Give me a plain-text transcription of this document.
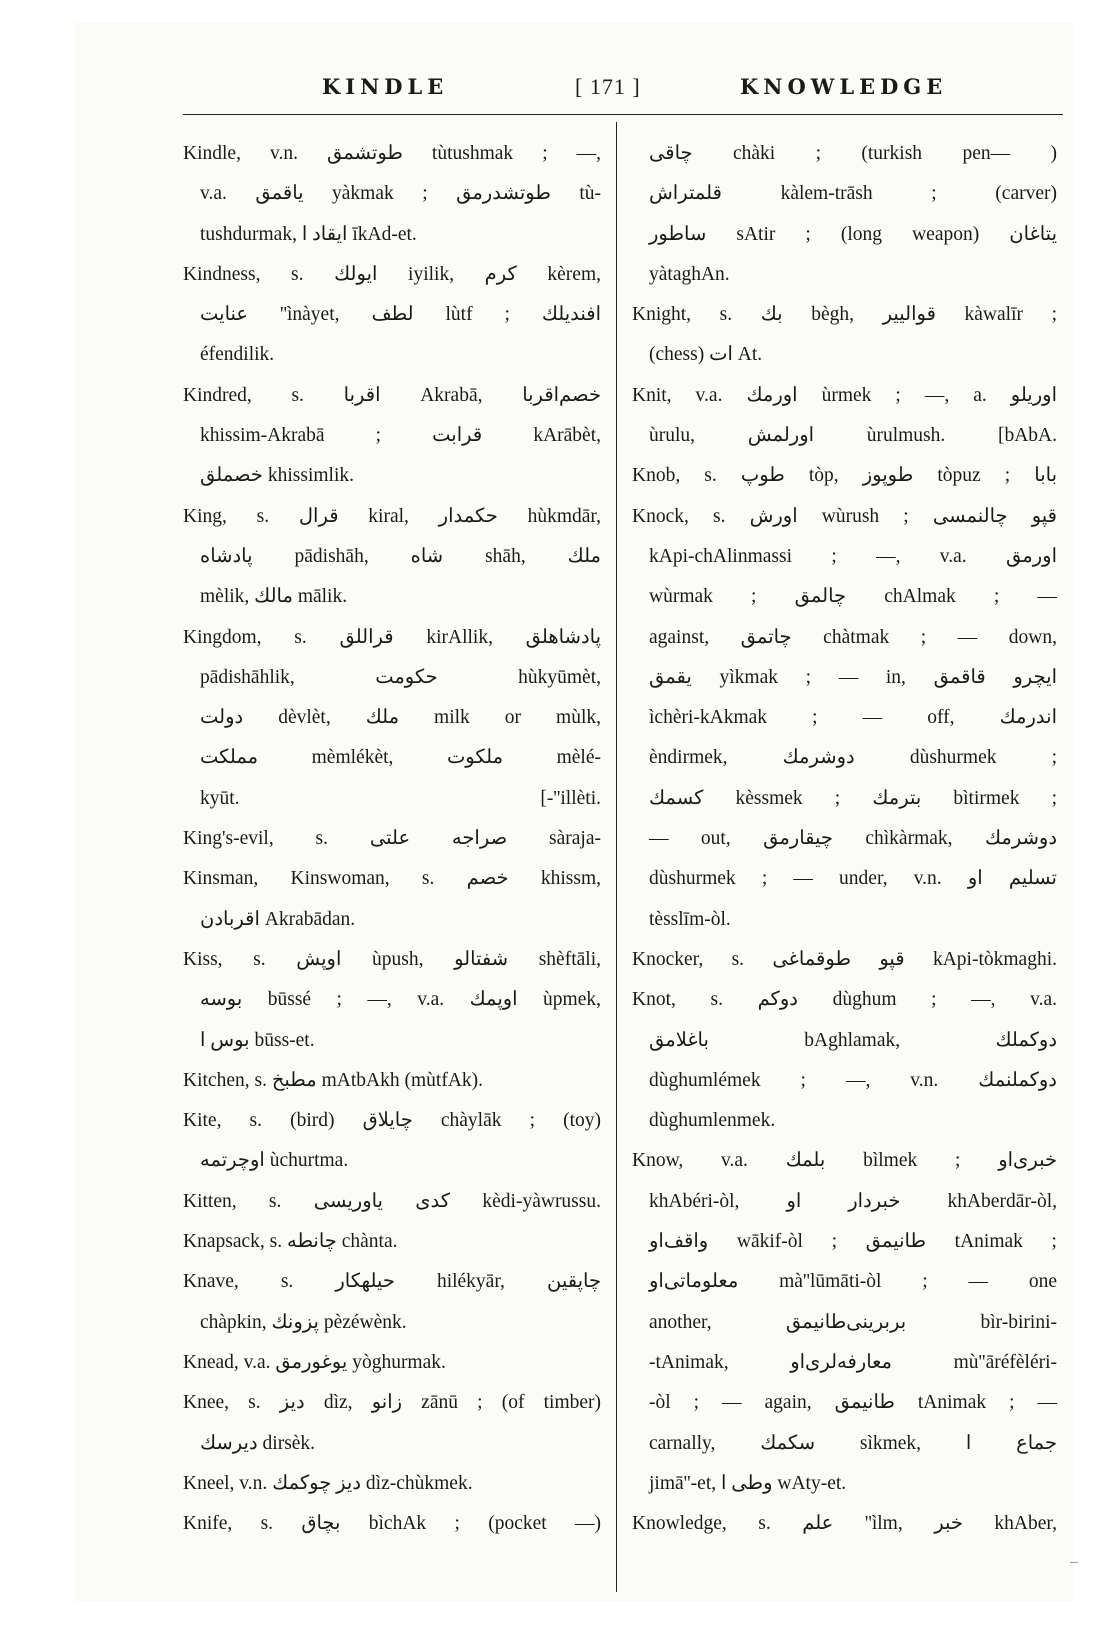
KINDLE	[ 171 ]	KNOWLEDGE
Kindle, v.n. طوتشمق tùtushmak ; —,
v.a. ياقمق yàkmak ; طوتشدرمق tù-
tushdurmak, ايقاد ا īkAd-et.
Kindness, s. ايولك iyilik, كرم kèrem,
عنايت ''ìnàyet, لطف lùtf ; افنديلك
éfendilik.
Kindred, s. اقربا Akrabā, خصم‌اقربا
khissim-Akrabā ; قرابت kArābèt,
خصملق khissimlik.
King, s. قرال kiral, حكمدار hùkmdār,
پادشاه pādishāh, شاه shāh, ملك
mèlik, مالك mālik.
Kingdom, s. قراللق kirAllik, پادشاهلق
pādishāhlik, حكومت hùkyūmèt,
دولت dèvlèt, ملك milk or mùlk,
مملكت mèmlékèt, ملكوت mèlé-
kyūt. [-''illèti.
King's-evil, s. صراجه علتی sàraja-
Kinsman, Kinswoman, s. خصم khissm,
اقربادن Akrabādan.
Kiss, s. اوپش ùpush, شفتالو shèftāli,
بوسه būssé ; —, v.a. اوپمك ùpmek,
بوس ا būss-et.
Kitchen, s. مطبخ mAtbAkh (mùtfAk).
Kite, s. (bird) چايلاق chàylāk ; (toy)
اوچرتمه ùchurtma.
Kitten, s. كدی ياوريسی kèdi-yàwrussu.
Knapsack, s. چانطه chànta.
Knave, s. حيلهكار hilékyār, چاپقين
chàpkin, پزونك pèzéwènk.
Knead, v.a. يوغورمق yòghurmak.
Knee, s. ديز dìz, زانو zānū ; (of timber)
ديرسك dirsèk.
Kneel, v.n. ديز چوكمك dìz-chùkmek.
Knife, s. بچاق bìchAk ; (pocket —)
چاقی chàki ; (turkish pen— )
قلمتراش kàlem-trāsh ; (carver)
ساطور sAtir ; (long weapon) يتاغان
yàtaghAn.
Knight, s. بك bègh, قواليير kàwalīr ;
(chess) ات At.
Knit, v.a. اورمك ùrmek ; —, a. اوريلو
ùrulu, اورلمش ùrulmush. [bAbA.
Knob, s. طوپ tòp, طوپوز tòpuz ; بابا
Knock, s. اورش wùrush ; قپو چالنمسی
kApi-chAlinmassi ; —, v.a. اورمق
wùrmak ; چالمق chAlmak ; —
against, چاتمق chàtmak ; — down,
يقمق yìkmak ; — in, ايچرو قاقمق
ìchèri-kAkmak ; — off, اندرمك
èndirmek, دوشرمك dùshurmek ;
كسمك kèssmek ; بترمك bìtirmek ;
— out, چيقارمق chìkàrmak, دوشرمك
dùshurmek ; — under, v.n. تسليم او
tèsslīm-òl.
Knocker, s. قپو طوقماغی kApi-tòkmaghi.
Knot, s. دوكم dùghum ; —, v.a.
باغلامق bAghlamak, دوكملك
dùghumlémek ; —, v.n. دوكملنمك
dùghumlenmek.
Know, v.a. بلمك bìlmek ; خبرى‌او
khAbéri-òl, خبردار او khAberdār-òl,
واقف‌او wākif-òl ; طانيمق tAnimak ;
معلوماتی‌او mà''lūmāti-òl ; — one
another, بربرينى‌طانيمق bìr-birini-
-tAnimak, معارفه‌لری‌او mù''āréfèléri-
-òl ; — again, طانيمق tAnimak ; —
carnally, سكمك sìkmek, جماع ا
jimā''-et, وطی ا wAty-et.
Knowledge, s. علم ''ìlm, خبر khAber,
